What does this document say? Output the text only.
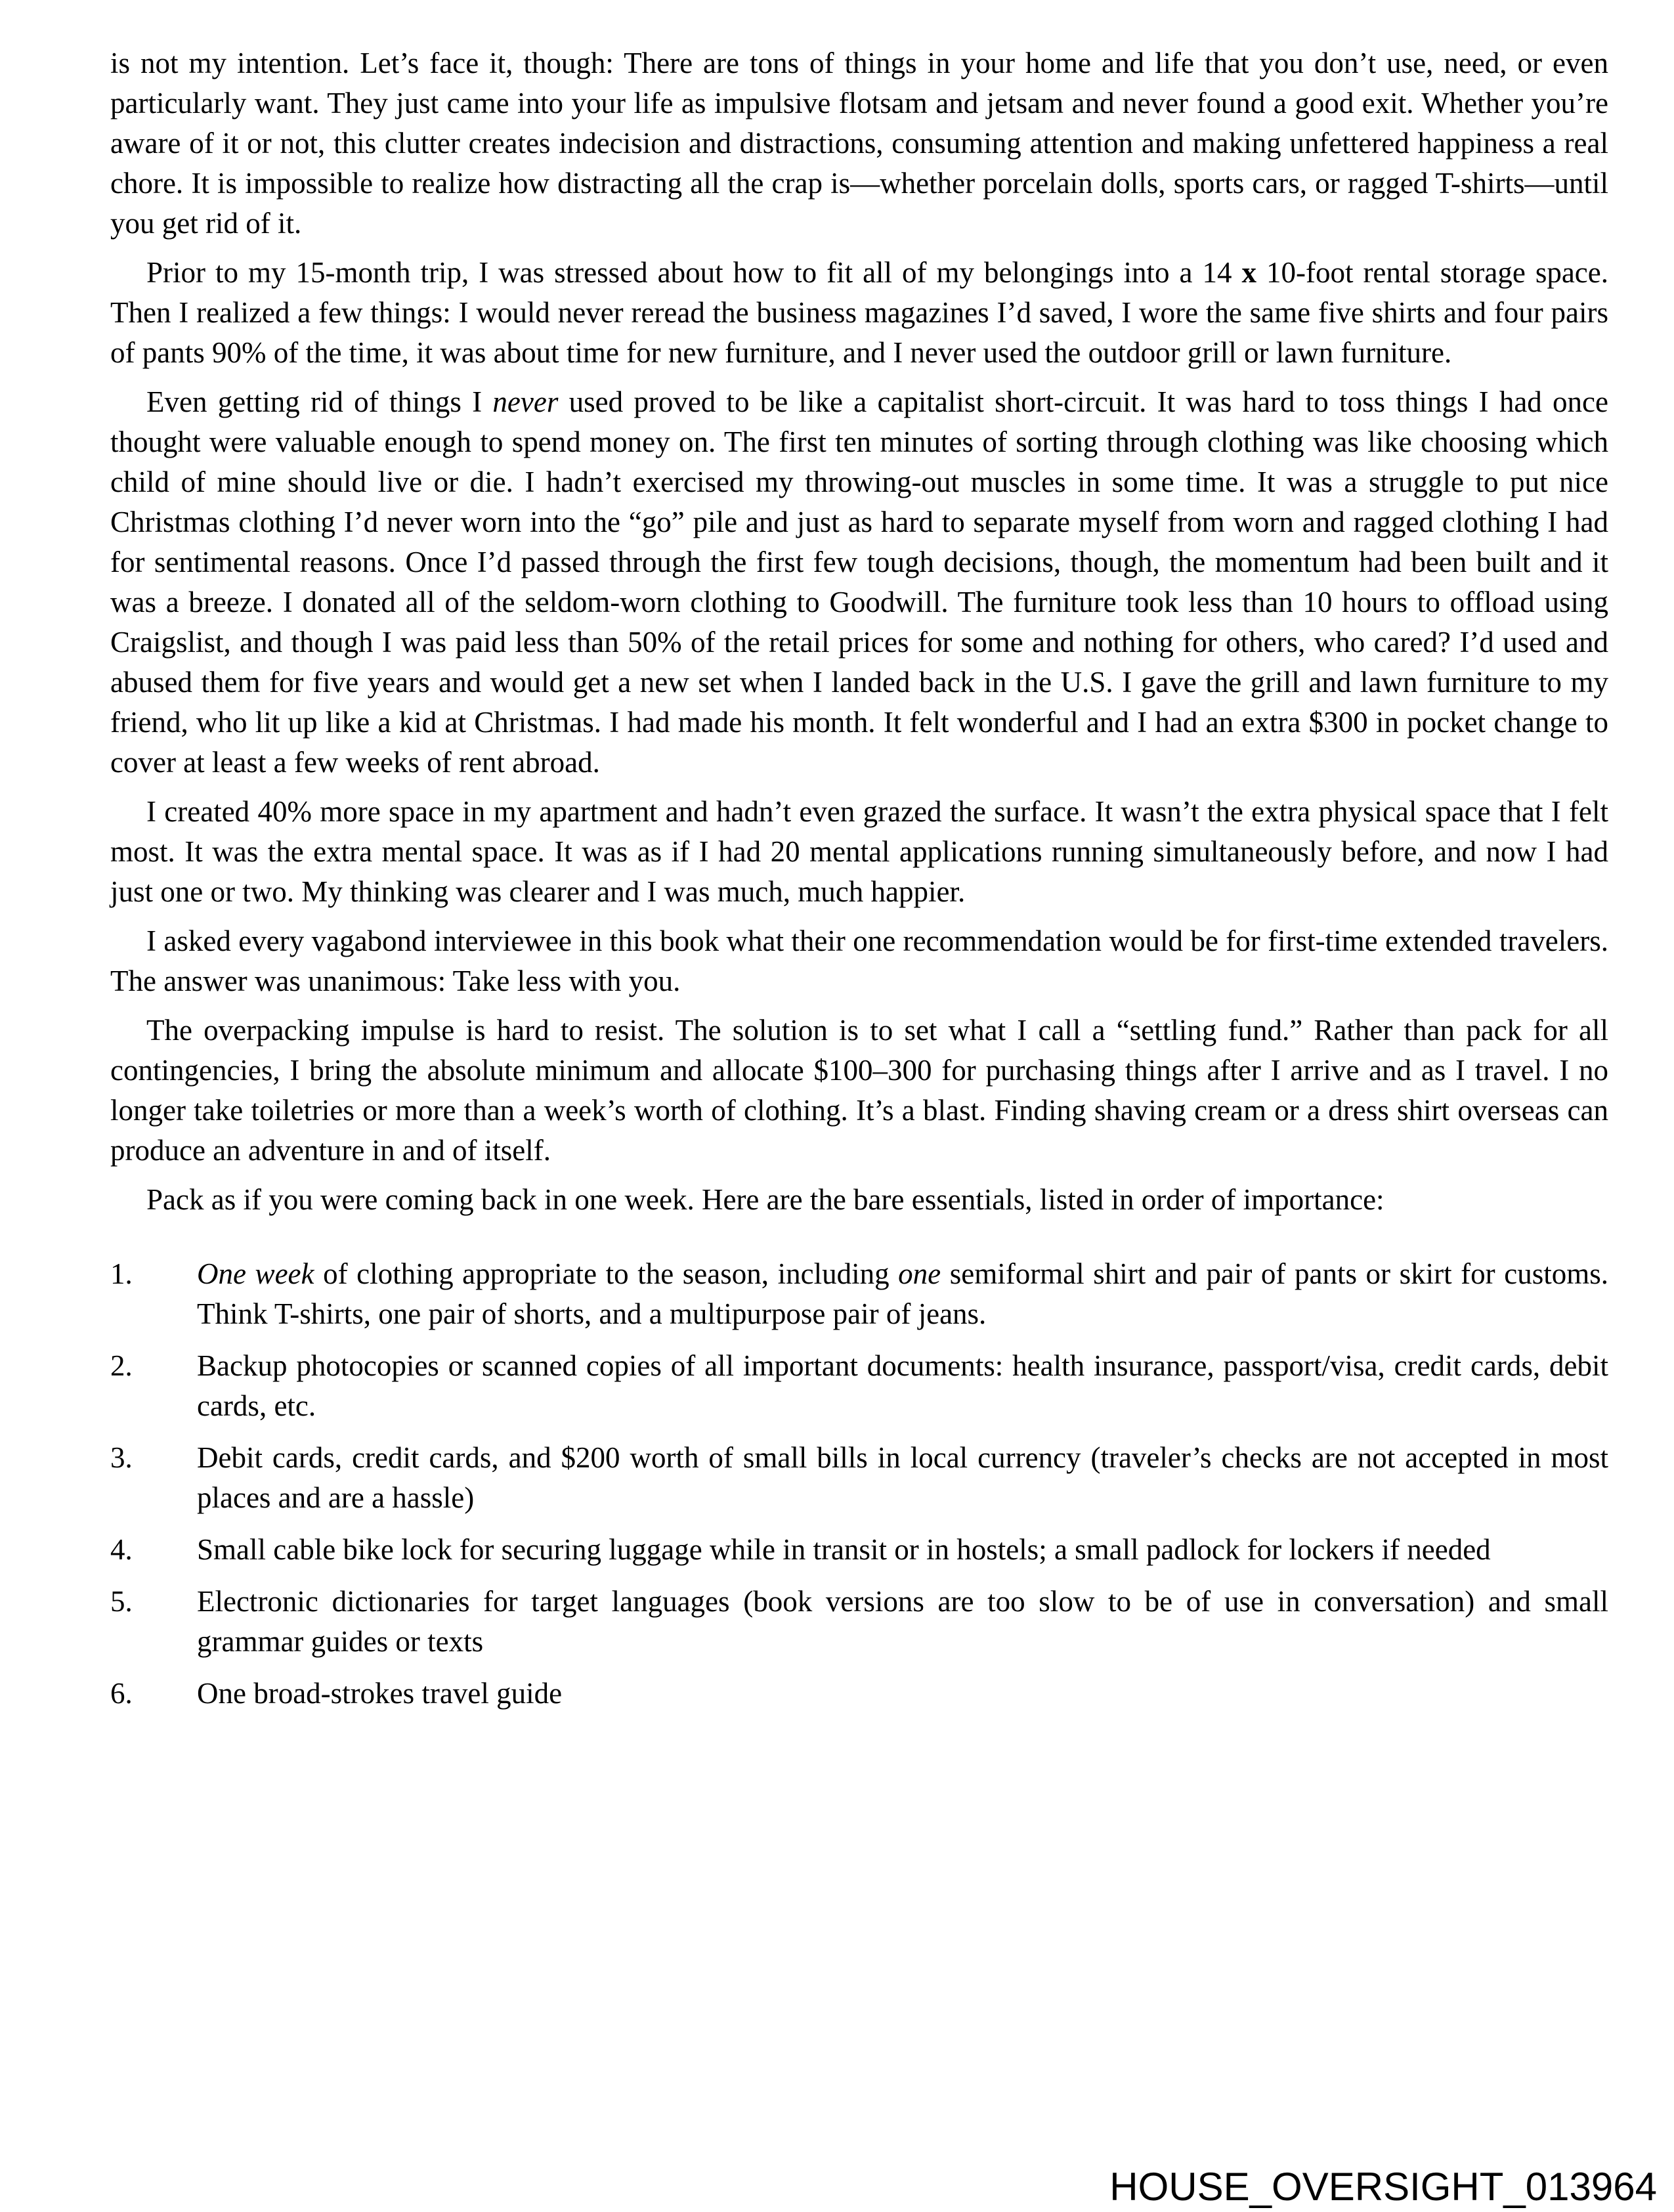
is not my intention. Let’s face it, though: There are tons of things in your home and life that you don’t use, need, or even particularly want. They just came into your life as impulsive flotsam and jetsam and never found a good exit. Whether you’re aware of it or not, this clutter creates indecision and distractions, consuming attention and making unfettered happiness a real chore. It is impossible to realize how distracting all the crap is—whether porcelain dolls, sports cars, or ragged T-shirts—until you get rid of it.

Prior to my 15-month trip, I was stressed about how to fit all of my belongings into a 14 x 10-foot rental storage space. Then I realized a few things: I would never reread the business magazines I’d saved, I wore the same five shirts and four pairs of pants 90% of the time, it was about time for new furniture, and I never used the outdoor grill or lawn furniture.

Even getting rid of things I never used proved to be like a capitalist short-circuit. It was hard to toss things I had once thought were valuable enough to spend money on. The first ten minutes of sorting through clothing was like choosing which child of mine should live or die. I hadn’t exercised my throwing-out muscles in some time. It was a struggle to put nice Christmas clothing I’d never worn into the “go” pile and just as hard to separate myself from worn and ragged clothing I had for sentimental reasons. Once I’d passed through the first few tough decisions, though, the momentum had been built and it was a breeze. I donated all of the seldom-worn clothing to Goodwill. The furniture took less than 10 hours to offload using Craigslist, and though I was paid less than 50% of the retail prices for some and nothing for others, who cared? I’d used and abused them for five years and would get a new set when I landed back in the U.S. I gave the grill and lawn furniture to my friend, who lit up like a kid at Christmas. I had made his month. It felt wonderful and I had an extra $300 in pocket change to cover at least a few weeks of rent abroad.

I created 40% more space in my apartment and hadn’t even grazed the surface. It wasn’t the extra physical space that I felt most. It was the extra mental space. It was as if I had 20 mental applications running simultaneously before, and now I had just one or two. My thinking was clearer and I was much, much happier.

I asked every vagabond interviewee in this book what their one recommendation would be for first-time extended travelers. The answer was unanimous: Take less with you.

The overpacking impulse is hard to resist. The solution is to set what I call a “settling fund.” Rather than pack for all contingencies, I bring the absolute minimum and allocate $100–300 for purchasing things after I arrive and as I travel. I no longer take toiletries or more than a week’s worth of clothing. It’s a blast. Finding shaving cream or a dress shirt overseas can produce an adventure in and of itself.

Pack as if you were coming back in one week. Here are the bare essentials, listed in order of importance:

1.	One week of clothing appropriate to the season, including one semiformal shirt and pair of pants or skirt for customs. Think T-shirts, one pair of shorts, and a multipurpose pair of jeans.
2.	Backup photocopies or scanned copies of all important documents: health insurance, passport/visa, credit cards, debit cards, etc.
3.	Debit cards, credit cards, and $200 worth of small bills in local currency (traveler’s checks are not accepted in most places and are a hassle)
4.	Small cable bike lock for securing luggage while in transit or in hostels; a small padlock for lockers if needed
5.	Electronic dictionaries for target languages (book versions are too slow to be of use in conversation) and small grammar guides or texts
6.	One broad-strokes travel guide
HOUSE_OVERSIGHT_013964
